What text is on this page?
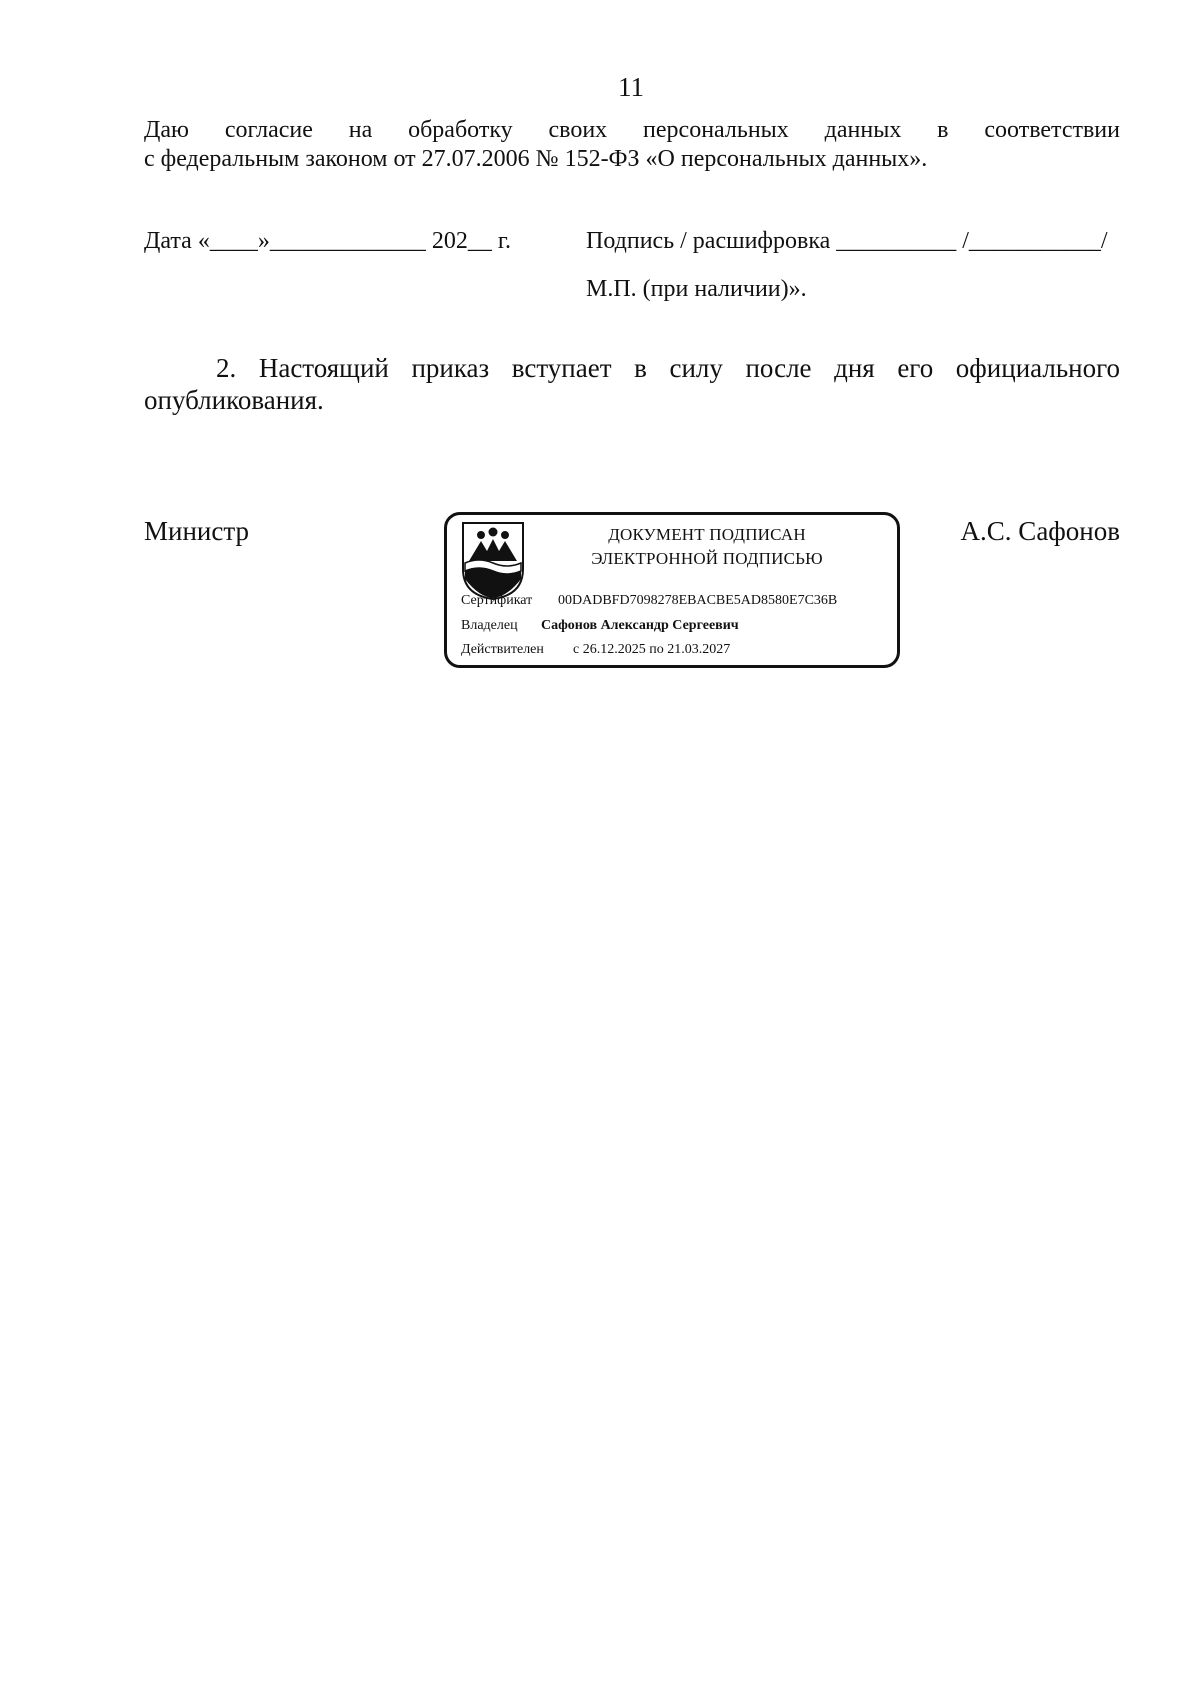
11
Даю согласие на обработку своих персональных данных в соответствии
с федеральным законом от 27.07.2006 № 152-ФЗ «О персональных данных».
Дата «____»_____________ 202__ г.	Подпись / расшифровка __________ /___________/
М.П. (при наличии)».
2. Настоящий приказ вступает в силу после дня его официального
опубликования.
Министр	А.С. Сафонов
ДОКУМЕНТ ПОДПИСАН
ЭЛЕКТРОННОЙ ПОДПИСЬЮ
Сертификат 00DADBFD7098278EBACBE5AD8580E7C36B
Владелец Сафонов Александр Сергеевич
Действителен с 26.12.2025 по 21.03.2027
